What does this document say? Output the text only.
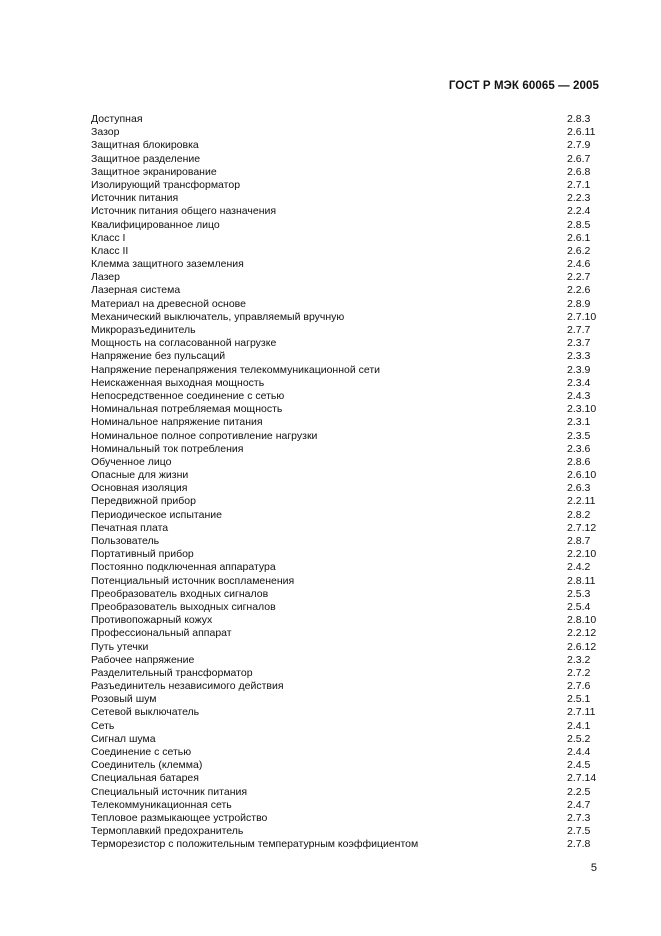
ГОСТ Р МЭК 60065 — 2005
Доступная	2.8.3
Зазор	2.6.11
Защитная блокировка	2.7.9
Защитное разделение	2.6.7
Защитное экранирование	2.6.8
Изолирующий трансформатор	2.7.1
Источник питания	2.2.3
Источник питания общего назначения	2.2.4
Квалифицированное лицо	2.8.5
Класс I	2.6.1
Класс II	2.6.2
Клемма защитного заземления	2.4.6
Лазер	2.2.7
Лазерная система	2.2.6
Материал на древесной основе	2.8.9
Механический выключатель, управляемый вручную	2.7.10
Микроразъединитель	2.7.7
Мощность на согласованной нагрузке	2.3.7
Напряжение без пульсаций	2.3.3
Напряжение перенапряжения телекоммуникационной сети	2.3.9
Неискаженная выходная мощность	2.3.4
Непосредственное соединение с сетью	2.4.3
Номинальная потребляемая мощность	2.3.10
Номинальное напряжение питания	2.3.1
Номинальное полное сопротивление нагрузки	2.3.5
Номинальный ток потребления	2.3.6
Обученное лицо	2.8.6
Опасные для жизни	2.6.10
Основная изоляция	2.6.3
Передвижной прибор	2.2.11
Периодическое испытание	2.8.2
Печатная плата	2.7.12
Пользователь	2.8.7
Портативный прибор	2.2.10
Постоянно подключенная аппаратура	2.4.2
Потенциальный источник воспламенения	2.8.11
Преобразователь входных сигналов	2.5.3
Преобразователь выходных сигналов	2.5.4
Противопожарный кожух	2.8.10
Профессиональный аппарат	2.2.12
Путь утечки	2.6.12
Рабочее напряжение	2.3.2
Разделительный трансформатор	2.7.2
Разъединитель независимого действия	2.7.6
Розовый шум	2.5.1
Сетевой выключатель	2.7.11
Сеть	2.4.1
Сигнал шума	2.5.2
Соединение с сетью	2.4.4
Соединитель (клемма)	2.4.5
Специальная батарея	2.7.14
Специальный источник питания	2.2.5
Телекоммуникационная сеть	2.4.7
Тепловое размыкающее устройство	2.7.3
Термоплавкий предохранитель	2.7.5
Терморезистор с положительным температурным коэффициентом	2.7.8
5
